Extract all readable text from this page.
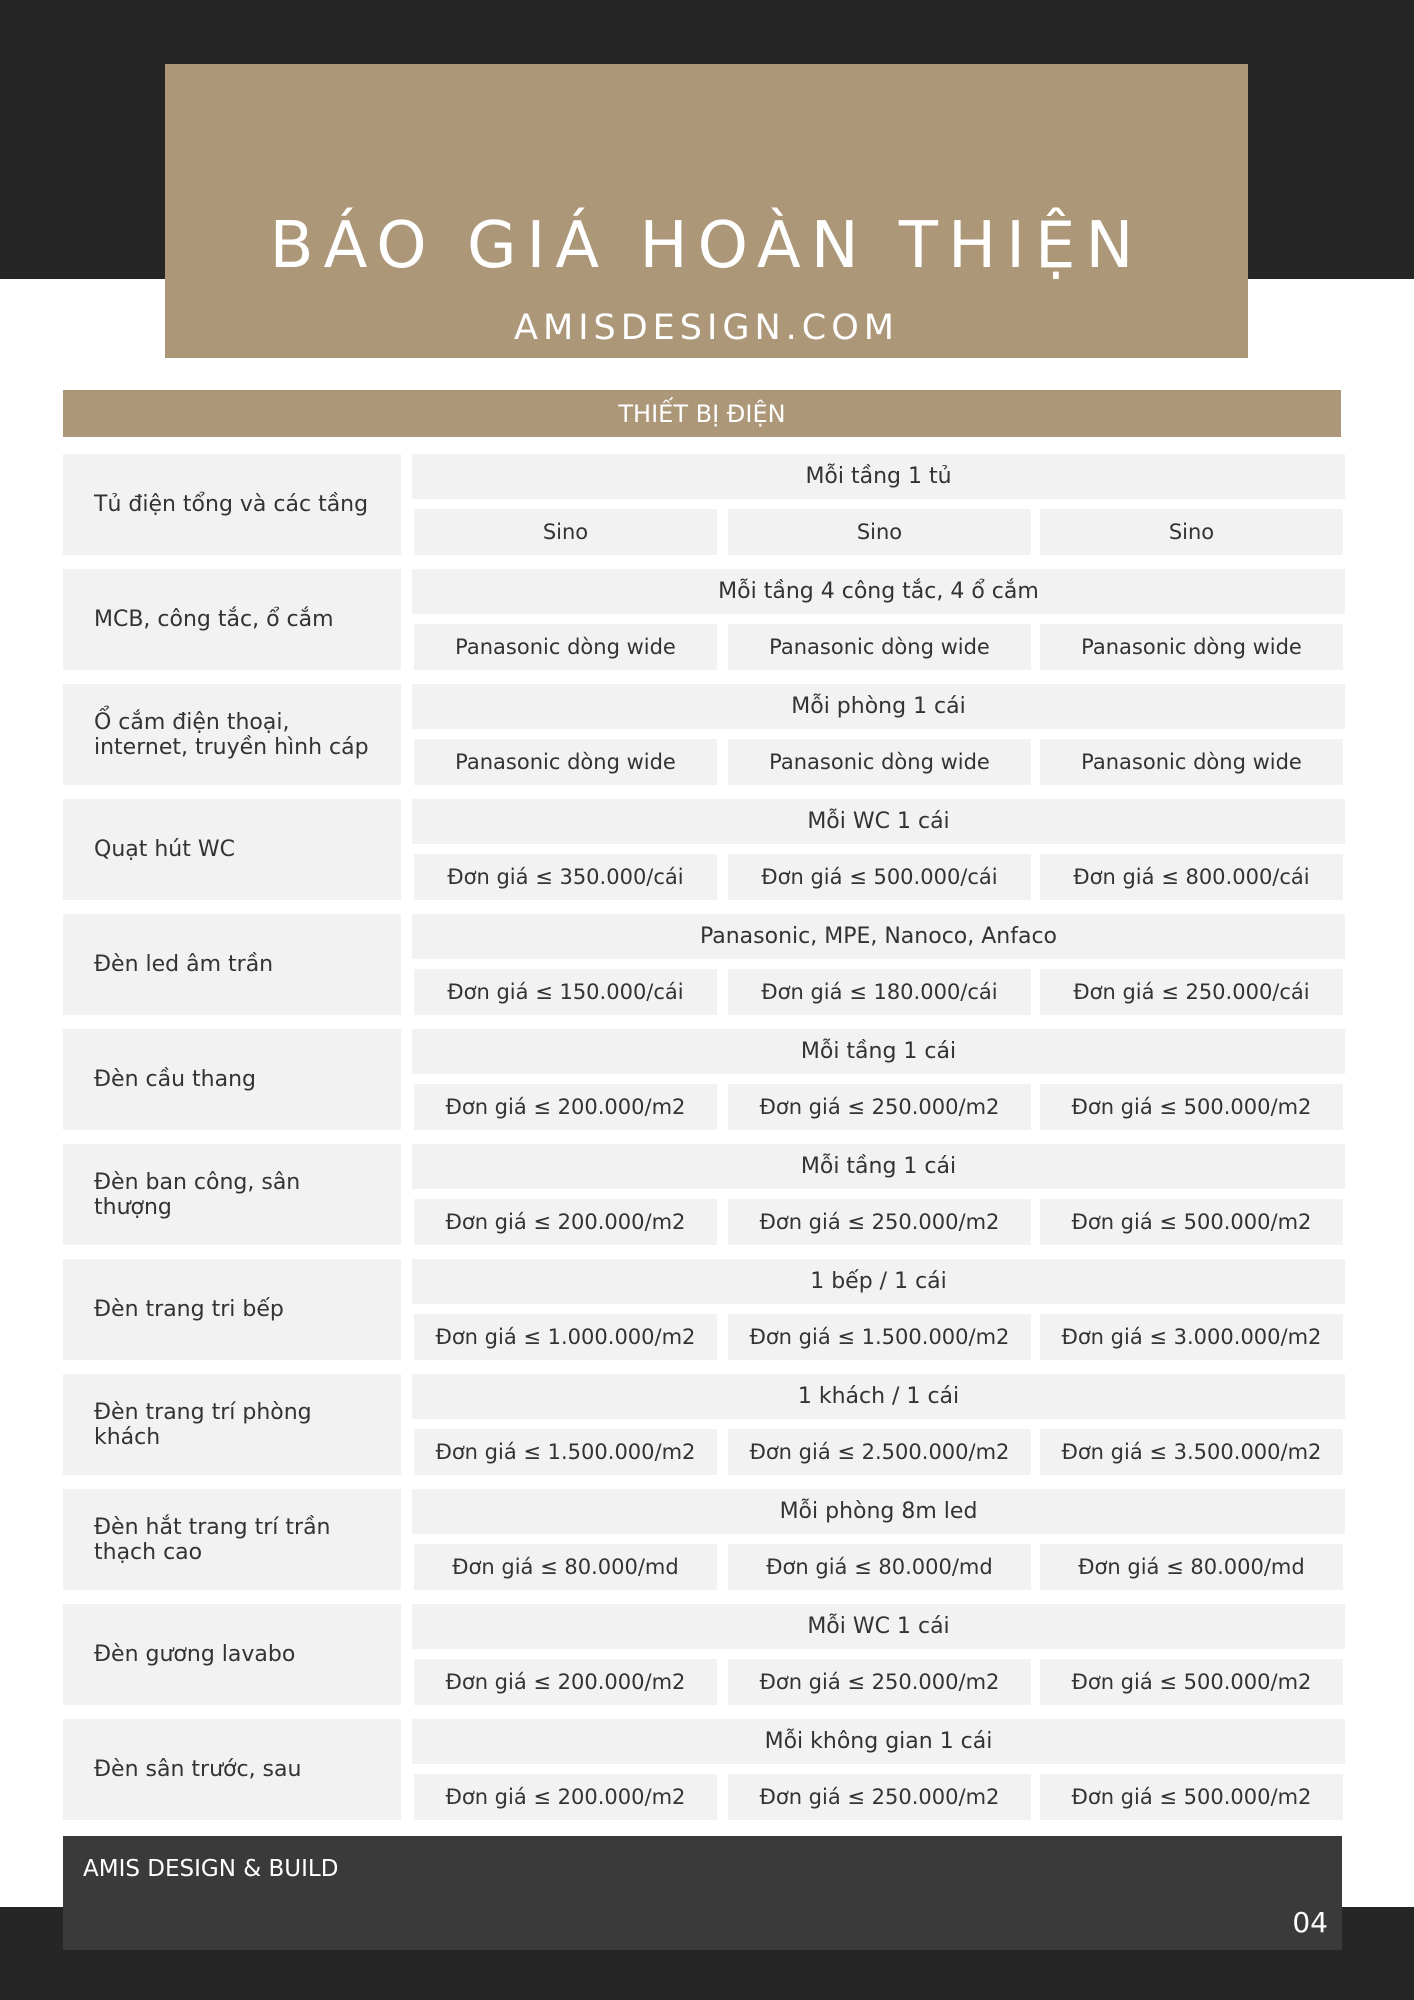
BÁO GIÁ HOÀN THIỆN
AMISDESIGN.COM
THIẾT BỊ ĐIỆN
Tủ điện tổng và các tầng
Mỗi tầng 1 tủ
Sino	Sino	Sino
MCB, công tắc, ổ cắm
Mỗi tầng 4 công tắc, 4 ổ cắm
Panasonic dòng wide	Panasonic dòng wide	Panasonic dòng wide
Ổ cắm điện thoại, internet, truyền hình cáp
Mỗi phòng 1 cái
Panasonic dòng wide	Panasonic dòng wide	Panasonic dòng wide
Quạt hút WC
Mỗi WC 1 cái
Đơn giá ≤ 350.000/cái	Đơn giá ≤ 500.000/cái	Đơn giá ≤ 800.000/cái
Đèn led âm trần
Panasonic, MPE, Nanoco, Anfaco
Đơn giá ≤ 150.000/cái	Đơn giá ≤ 180.000/cái	Đơn giá ≤ 250.000/cái
Đèn cầu thang
Mỗi tầng 1 cái
Đơn giá ≤ 200.000/m2	Đơn giá ≤ 250.000/m2	Đơn giá ≤ 500.000/m2
Đèn ban công, sân thượng
Mỗi tầng 1 cái
Đơn giá ≤ 200.000/m2	Đơn giá ≤ 250.000/m2	Đơn giá ≤ 500.000/m2
Đèn trang tri bếp
1 bếp / 1 cái
Đơn giá ≤ 1.000.000/m2	Đơn giá ≤ 1.500.000/m2	Đơn giá ≤ 3.000.000/m2
Đèn trang trí phòng khách
1 khách / 1 cái
Đơn giá ≤ 1.500.000/m2	Đơn giá ≤ 2.500.000/m2	Đơn giá ≤ 3.500.000/m2
Đèn hắt trang trí trần thạch cao
Mỗi phòng 8m led
Đơn giá ≤ 80.000/md	Đơn giá ≤ 80.000/md	Đơn giá ≤ 80.000/md
Đèn gương lavabo
Mỗi WC 1 cái
Đơn giá ≤ 200.000/m2	Đơn giá ≤ 250.000/m2	Đơn giá ≤ 500.000/m2
Đèn sân trước, sau
Mỗi không gian 1 cái
Đơn giá ≤ 200.000/m2	Đơn giá ≤ 250.000/m2	Đơn giá ≤ 500.000/m2
AMIS DESIGN & BUILD
04
